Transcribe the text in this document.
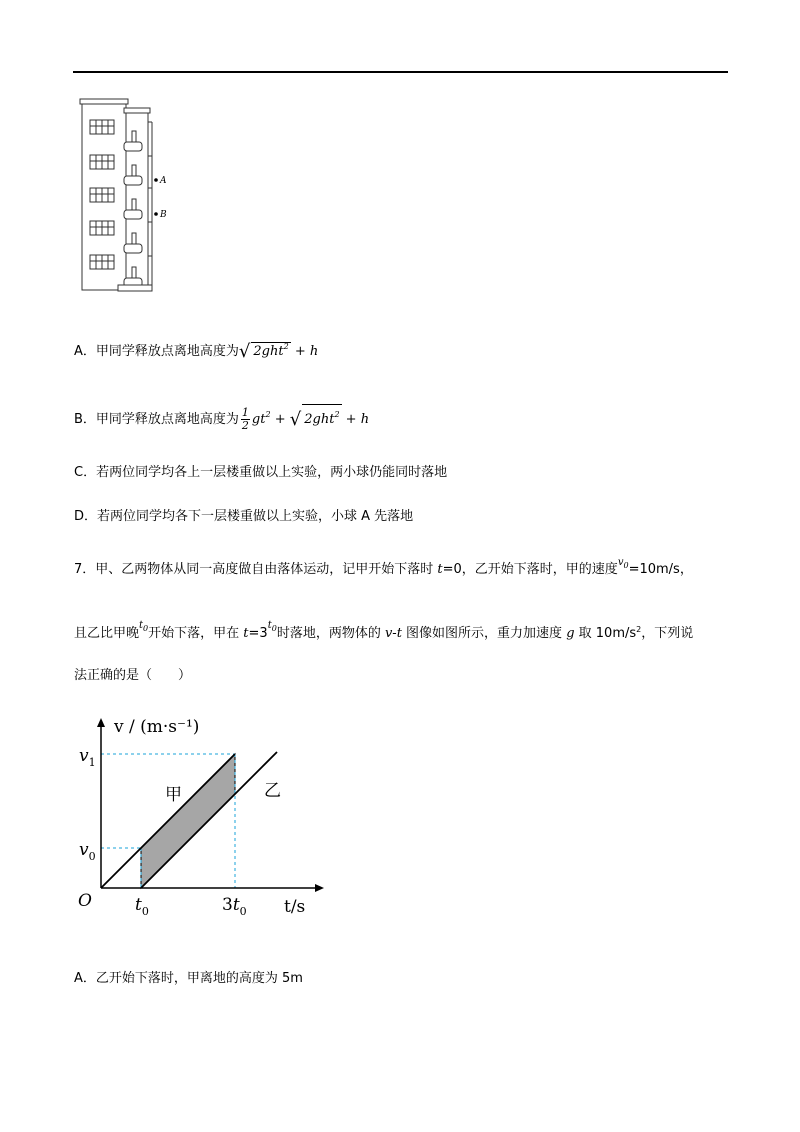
A
B
A．甲同学释放点离地高度为√ 2ght$^2$ + h
B．甲同学释放点离地高度为 $\frac{1}{2} gt^2$ + √ 2ght$^2$ + h
C．若两位同学均各上一层楼重做以上实验，两小球仍能同时落地
D．若两位同学均各下一层楼重做以上实验，小球 A 先落地
7．甲、乙两物体从同一高度做自由落体运动，记甲开始下落时 t=0，乙开始下落时，甲的速度$^{v0}$=10m/s，
且乙比甲晚$^{t0}$开始下落，甲在 $t=3^{t0}$时落地，两物体的 v-t 图像如图所示，重力加速度 g 取 $10m/s^2$，下列说
法正确的是（　　）
v / (m·s⁻¹)
t/s
O
$v_1$
$v_0$
$t_0$	$3t_0$
甲	乙
A．乙开始下落时，甲离地的高度为 5m
